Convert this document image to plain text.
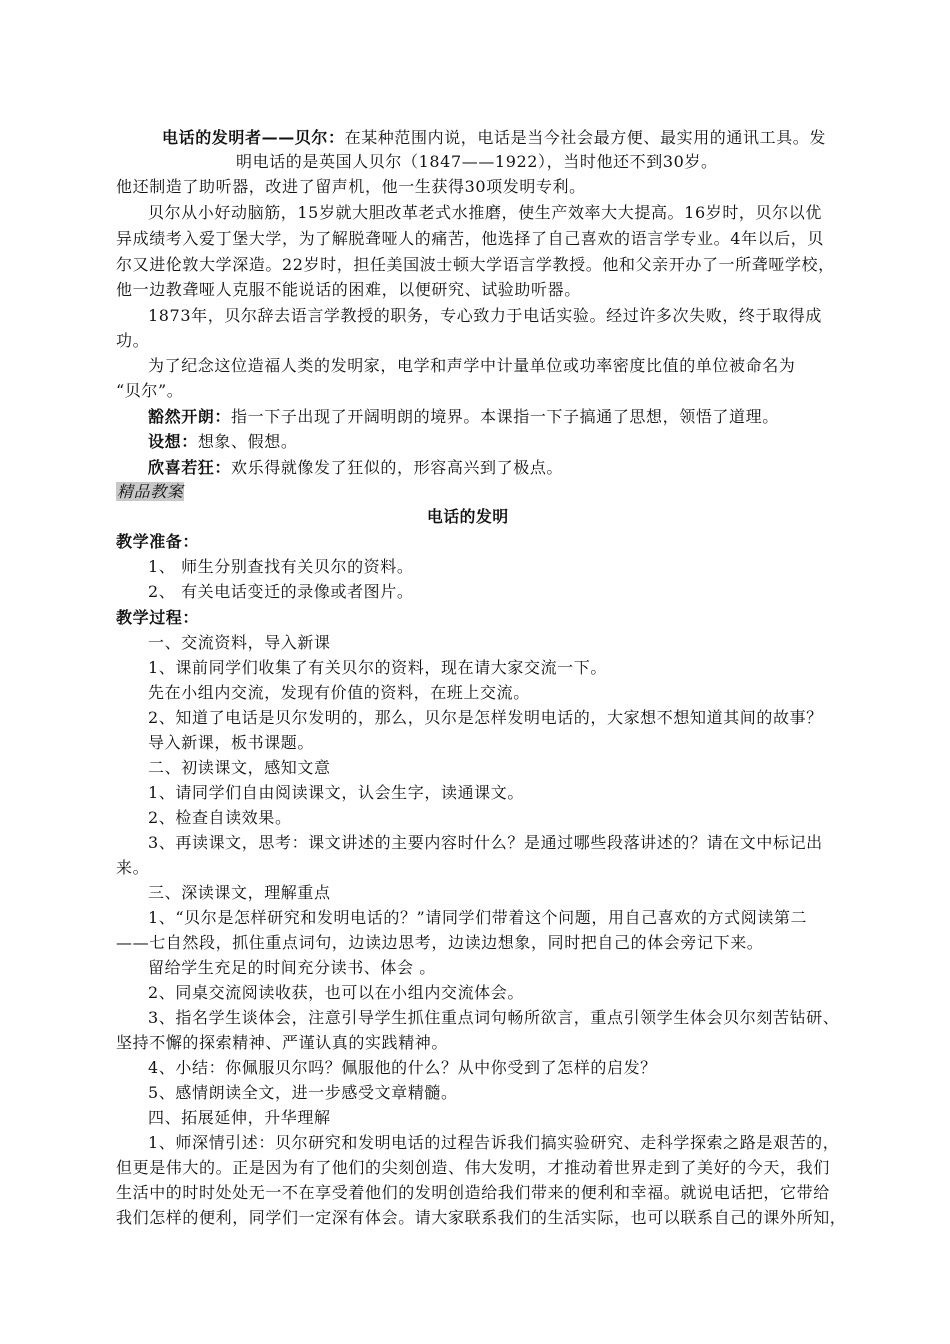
电话的发明者——贝尔：在某种范围内说，电话是当今社会最方便、最实用的通讯工具。发
明电话的是英国人贝尔（1847——1922），当时他还不到30岁。
他还制造了助听器，改进了留声机，他一生获得30项发明专利。
贝尔从小好动脑筋，15岁就大胆改革老式水推磨，使生产效率大大提高。16岁时，贝尔以优
异成绩考入爱丁堡大学，为了解脱聋哑人的痛苦，他选择了自己喜欢的语言学专业。4年以后，贝
尔又进伦敦大学深造。22岁时，担任美国波士顿大学语言学教授。他和父亲开办了一所聋哑学校，
他一边教聋哑人克服不能说话的困难，以便研究、试验助听器。
1873年，贝尔辞去语言学教授的职务，专心致力于电话实验。经过许多次失败，终于取得成
功。
为了纪念这位造福人类的发明家，电学和声学中计量单位或功率密度比值的单位被命名为
“贝尔”。
豁然开朗：指一下子出现了开阔明朗的境界。本课指一下子搞通了思想，领悟了道理。
设想：想象、假想。
欣喜若狂：欢乐得就像发了狂似的，形容高兴到了极点。
精品教案
电话的发明
教学准备：
1、 师生分别查找有关贝尔的资料。
2、 有关电话变迁的录像或者图片。
教学过程：
一、交流资料，导入新课
1、课前同学们收集了有关贝尔的资料，现在请大家交流一下。
先在小组内交流，发现有价值的资料，在班上交流。
2、知道了电话是贝尔发明的，那么，贝尔是怎样发明电话的，大家想不想知道其间的故事？
导入新课，板书课题。
二、初读课文，感知文意
1、请同学们自由阅读课文，认会生字，读通课文。
2、检查自读效果。
3、再读课文，思考：课文讲述的主要内容时什么？是通过哪些段落讲述的？请在文中标记出
来。
三、深读课文，理解重点
1、“贝尔是怎样研究和发明电话的？”请同学们带着这个问题，用自己喜欢的方式阅读第二
——七自然段，抓住重点词句，边读边思考，边读边想象，同时把自己的体会旁记下来。
留给学生充足的时间充分读书、体会 。
2、同桌交流阅读收获，也可以在小组内交流体会。
3、指名学生谈体会，注意引导学生抓住重点词句畅所欲言，重点引领学生体会贝尔刻苦钻研、
坚持不懈的探索精神、严谨认真的实践精神。
4、小结：你佩服贝尔吗？佩服他的什么？从中你受到了怎样的启发？
5、感情朗读全文，进一步感受文章精髓。
四、拓展延伸，升华理解
1、师深情引述：贝尔研究和发明电话的过程告诉我们搞实验研究、走科学探索之路是艰苦的，
但更是伟大的。正是因为有了他们的尖刻创造、伟大发明，才推动着世界走到了美好的今天，我们
生活中的时时处处无一不在享受着他们的发明创造给我们带来的便利和幸福。就说电话把，它带给
我们怎样的便利，同学们一定深有体会。请大家联系我们的生活实际，也可以联系自己的课外所知，
